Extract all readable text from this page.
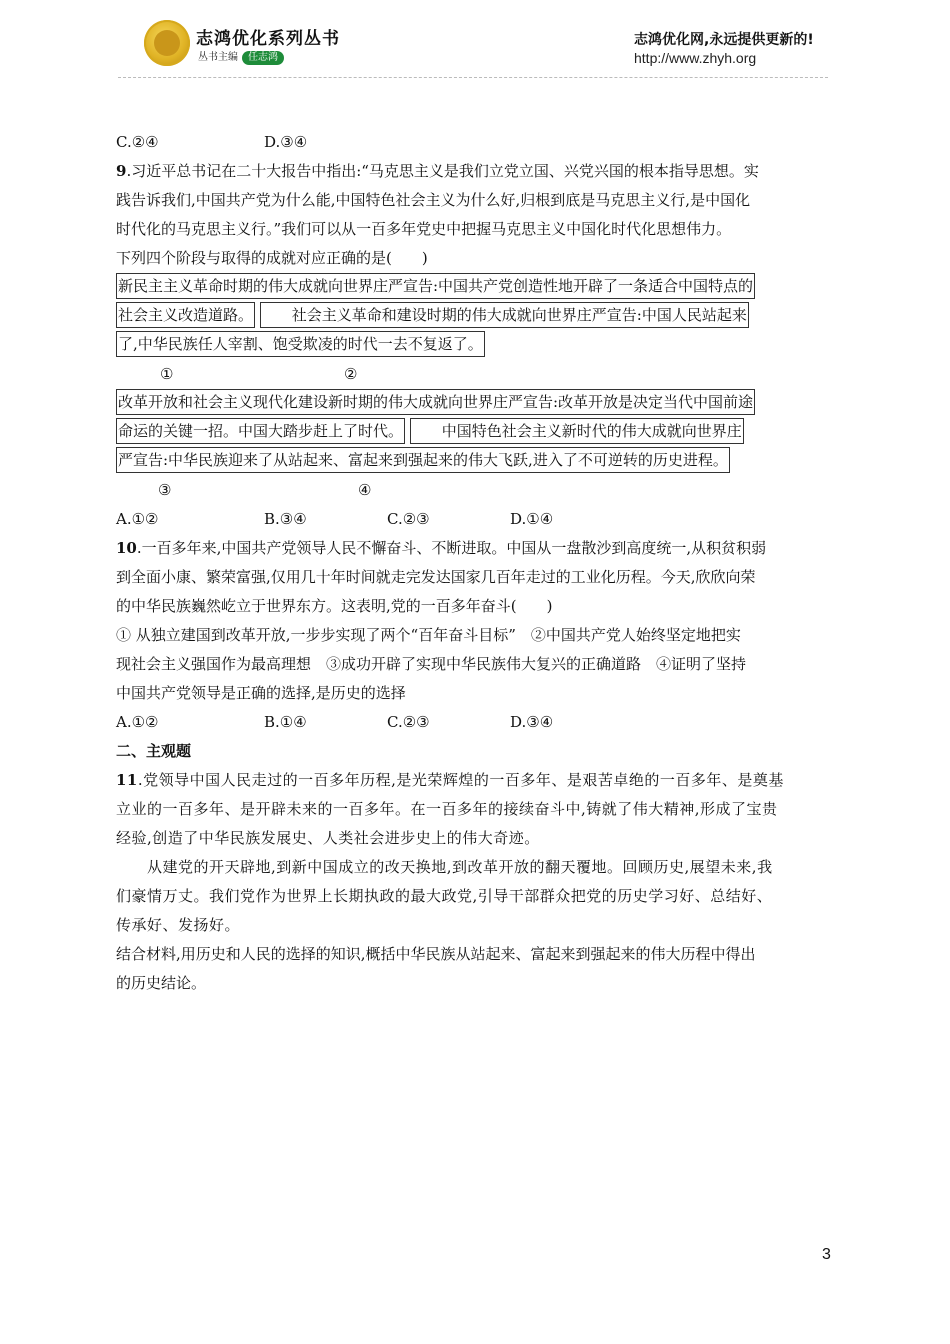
志鸿优化系列丛书
丛书主编 任志鸿
志鸿优化网,永远提供更新的!
http://www.zhyh.org
C.②④	D.③④
9.习近平总书记在二十大报告中指出:“马克思主义是我们立党立国、兴党兴国的根本指导思想。实
践告诉我们,中国共产党为什么能,中国特色社会主义为什么好,归根到底是马克思主义行,是中国化
时代化的马克思主义行。”我们可以从一百多年党史中把握马克思主义中国化时代化思想伟力。
下列四个阶段与取得的成就对应正确的是(　　)
新民主主义革命时期的伟大成就向世界庄严宣告:中国共产党创造性地开辟了一条适合中国特点的
社会主义改造道路。 　　社会主义革命和建设时期的伟大成就向世界庄严宣告:中国人民站起来
了,中华民族任人宰割、饱受欺凌的时代一去不复返了。
①	②
改革开放和社会主义现代化建设新时期的伟大成就向世界庄严宣告:改革开放是决定当代中国前途
命运的关键一招。中国大踏步赶上了时代。 　　中国特色社会主义新时代的伟大成就向世界庄
严宣告:中华民族迎来了从站起来、富起来到强起来的伟大飞跃,进入了不可逆转的历史进程。
③	④
A.①②	B.③④	C.②③	D.①④
10.一百多年来,中国共产党领导人民不懈奋斗、不断进取。中国从一盘散沙到高度统一,从积贫积弱
到全面小康、繁荣富强,仅用几十年时间就走完发达国家几百年走过的工业化历程。今天,欣欣向荣
的中华民族巍然屹立于世界东方。这表明,党的一百多年奋斗(　　)
① 从独立建国到改革开放,一步步实现了两个“百年奋斗目标”　②中国共产党人始终坚定地把实
现社会主义强国作为最高理想　③成功开辟了实现中华民族伟大复兴的正确道路　④证明了坚持
中国共产党领导是正确的选择,是历史的选择
A.①②	B.①④	C.②③	D.③④
二、主观题
11.党领导中国人民走过的一百多年历程,是光荣辉煌的一百多年、是艰苦卓绝的一百多年、是奠基
立业的一百多年、是开辟未来的一百多年。在一百多年的接续奋斗中,铸就了伟大精神,形成了宝贵
经验,创造了中华民族发展史、人类社会进步史上的伟大奇迹。
　　从建党的开天辟地,到新中国成立的改天换地,到改革开放的翻天覆地。回顾历史,展望未来,我
们豪情万丈。我们党作为世界上长期执政的最大政党,引导干部群众把党的历史学习好、总结好、
传承好、发扬好。
结合材料,用历史和人民的选择的知识,概括中华民族从站起来、富起来到强起来的伟大历程中得出
的历史结论。
3
